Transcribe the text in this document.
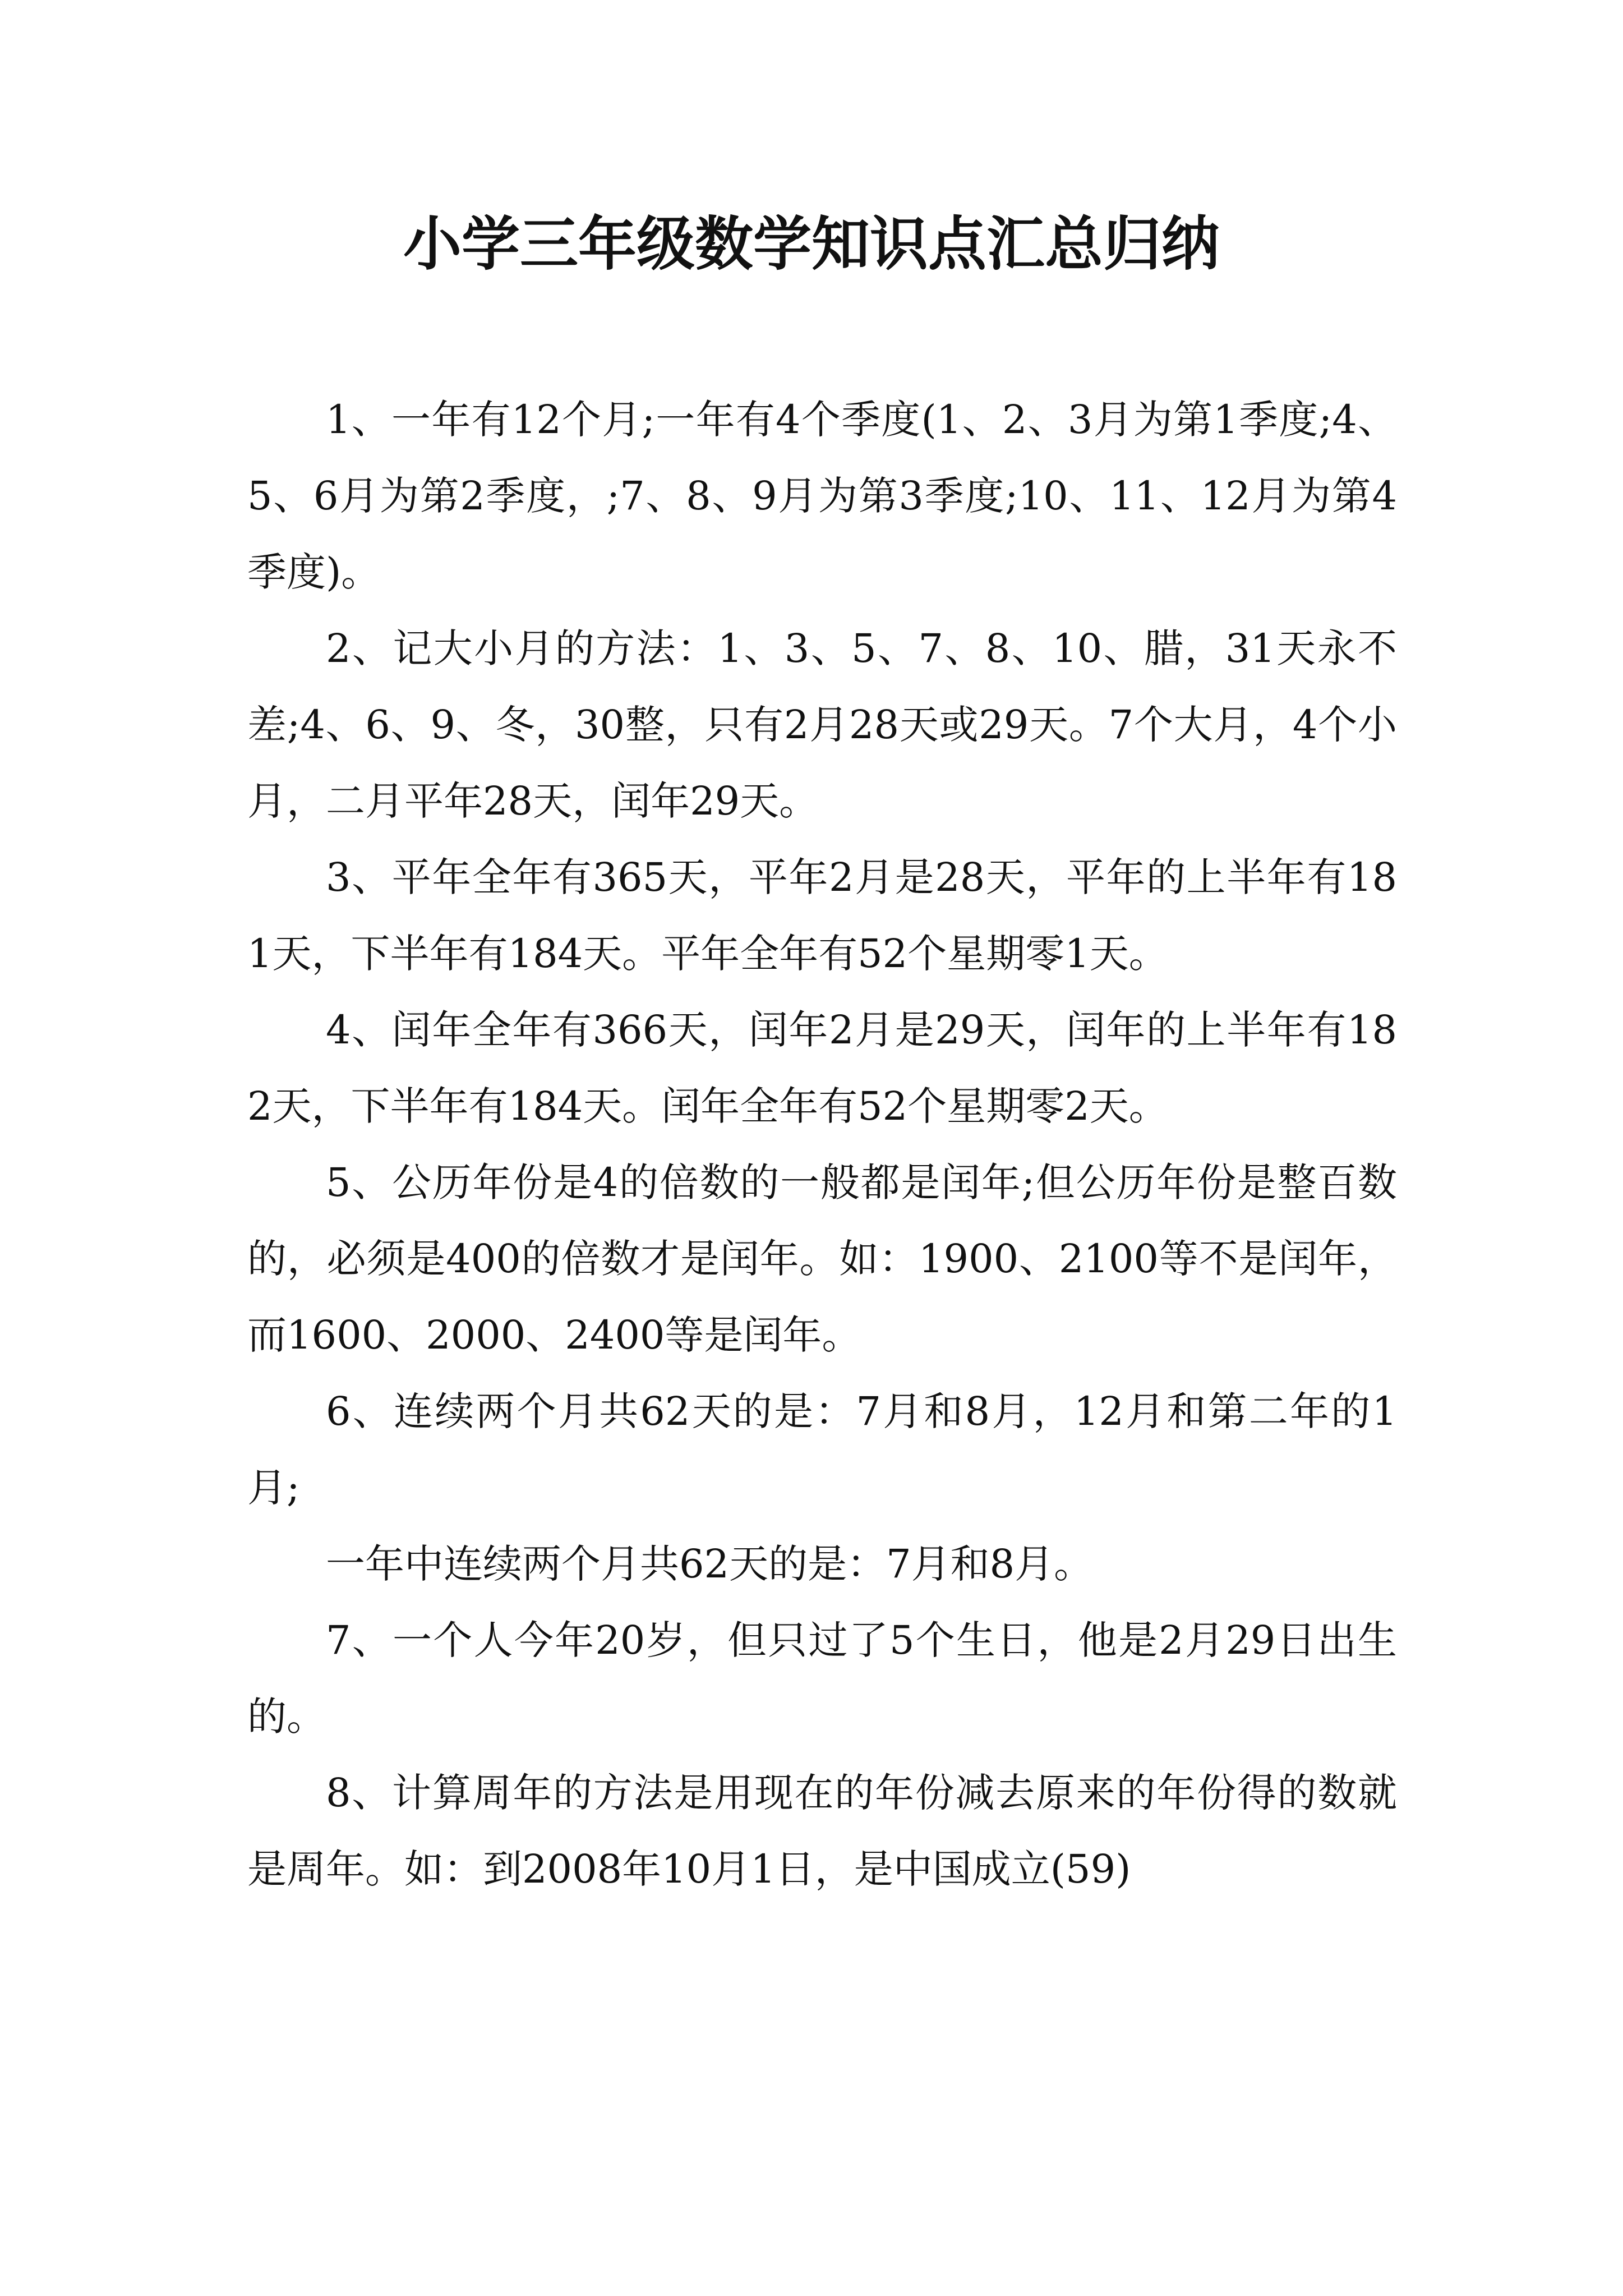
小学三年级数学知识点汇总归纳

1、一年有12个月;一年有4个季度(1、2、3月为第1季度;4、5、6月为第2季度，;7、8、9月为第3季度;10、11、12月为第4季度)。

2、记大小月的方法：1、3、5、7、8、10、腊，31天永不差;4、6、9、冬，30整，只有2月28天或29天。7个大月，4个小月，二月平年28天，闰年29天。

3、平年全年有365天，平年2月是28天，平年的上半年有181天，下半年有184天。平年全年有52个星期零1天。

4、闰年全年有366天，闰年2月是29天，闰年的上半年有182天，下半年有184天。闰年全年有52个星期零2天。

5、公历年份是4的倍数的一般都是闰年;但公历年份是整百数的，必须是400的倍数才是闰年。如：1900、2100等不是闰年，而1600、2000、2400等是闰年。

6、连续两个月共62天的是：7月和8月，12月和第二年的1月;

一年中连续两个月共62天的是：7月和8月。

7、一个人今年20岁，但只过了5个生日，他是2月29日出生的。

8、计算周年的方法是用现在的年份减去原来的年份得的数就是周年。如：到2008年10月1日，是中国成立(59)
